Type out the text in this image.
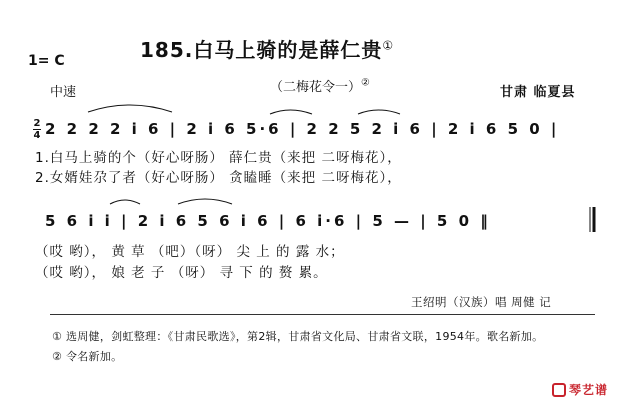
185.白马上骑的是薛仁贵①
1= C
（二梅花令一）②
中速	甘肃 临夏县
2
4 2 2 2 2 i 6 | 2 i 6 5·6 | 2 2 5 2 i 6 | 2 i 6 5 0 |
5 6 i i | 2 i 6 5 6 i 6 | 6 i·6 | 5 — | 5 0 ‖
1.白马上骑的个（好心呀肠） 薛仁贵（来把 二呀梅花），
2.女婿娃尕了者（好心呀肠） 贪瞌睡（来把 二呀梅花），
（哎 哟）， 黄 草 （吧）（呀） 尖 上 的 露 水；
（哎 哟）， 娘 老 子 （呀） 寻 下 的 赘 累。
王绍明（汉族）唱 周健 记
① 选周健，剑虹整理：《甘肃民歌选》，第2辑，甘肃省文化局、甘肃省文联，1954年。歌名新加。
② 令名新加。
琴艺谱
